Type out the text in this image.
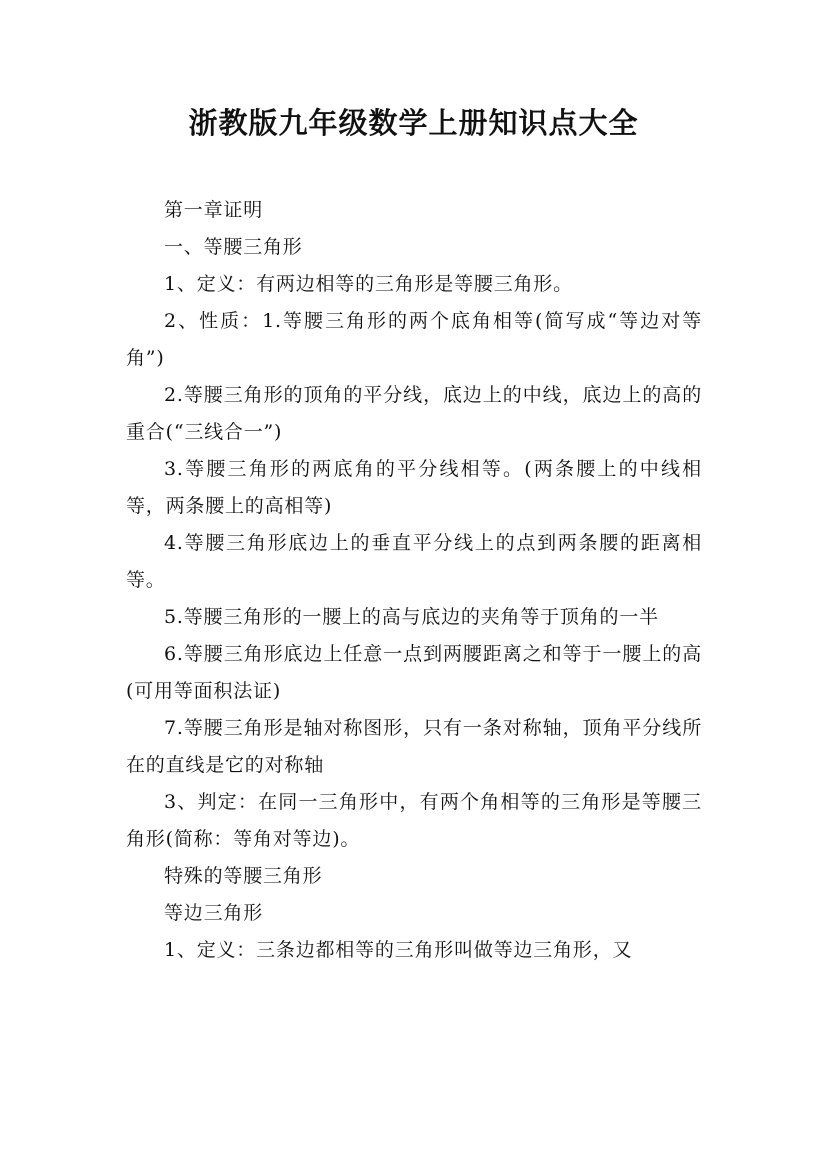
浙教版九年级数学上册知识点大全

第一章证明

一、等腰三角形

1、定义：有两边相等的三角形是等腰三角形。

2、性质：1.等腰三角形的两个底角相等(简写成“等边对等角”)

2.等腰三角形的顶角的平分线，底边上的中线，底边上的高的重合(“三线合一”)

3.等腰三角形的两底角的平分线相等。(两条腰上的中线相等，两条腰上的高相等)

4.等腰三角形底边上的垂直平分线上的点到两条腰的距离相等。

5.等腰三角形的一腰上的高与底边的夹角等于顶角的一半

6.等腰三角形底边上任意一点到两腰距离之和等于一腰上的高(可用等面积法证)

7.等腰三角形是轴对称图形，只有一条对称轴，顶角平分线所在的直线是它的对称轴

3、判定：在同一三角形中，有两个角相等的三角形是等腰三角形(简称：等角对等边)。

特殊的等腰三角形

等边三角形

1、定义：三条边都相等的三角形叫做等边三角形，又
